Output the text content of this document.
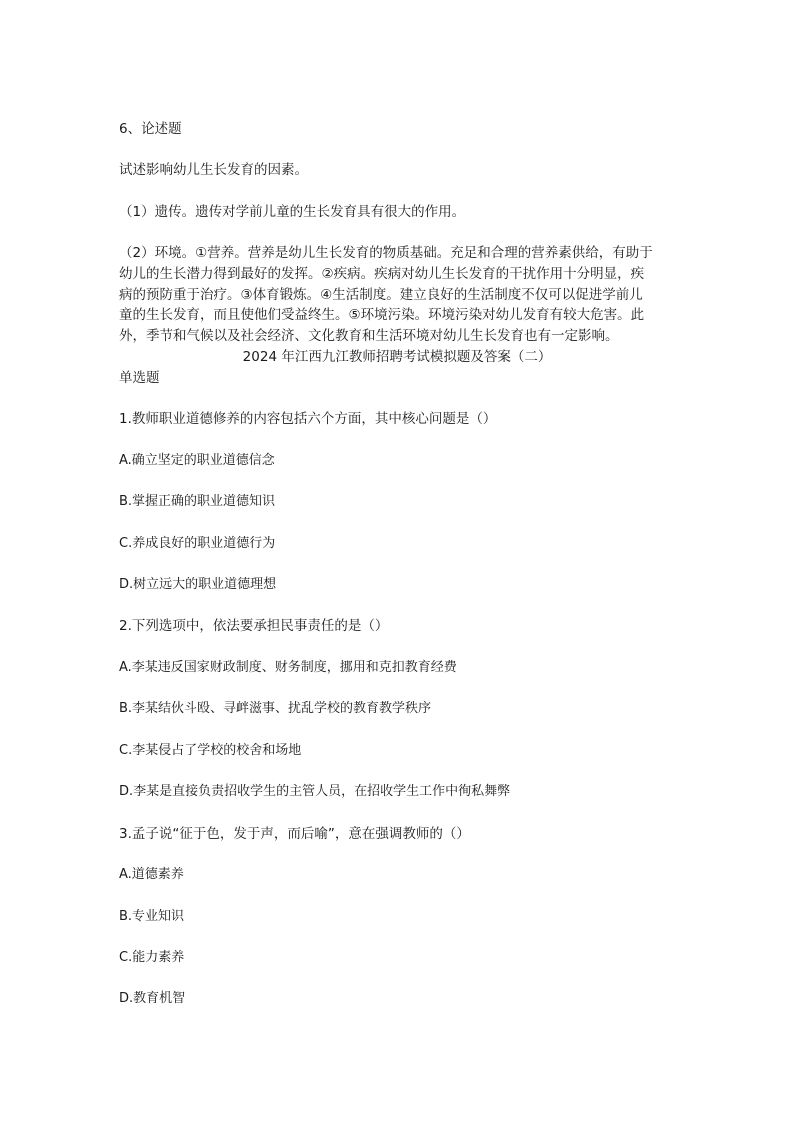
6、论述题
试述影响幼儿生长发育的因素。
（1）遗传。遗传对学前儿童的生长发育具有很大的作用。
（2）环境。①营养。营养是幼儿生长发育的物质基础。充足和合理的营养素供给，有助于
幼儿的生长潜力得到最好的发挥。②疾病。疾病对幼儿生长发育的干扰作用十分明显，疾
病的预防重于治疗。③体育锻炼。④生活制度。建立良好的生活制度不仅可以促进学前儿
童的生长发育，而且使他们受益终生。⑤环境污染。环境污染对幼儿发育有较大危害。此
外，季节和气候以及社会经济、文化教育和生活环境对幼儿生长发育也有一定影响。
2024 年江西九江教师招聘考试模拟题及答案（二）
单选题
1.教师职业道德修养的内容包括六个方面，其中核心问题是（）
A.确立坚定的职业道德信念
B.掌握正确的职业道德知识
C.养成良好的职业道德行为
D.树立远大的职业道德理想
2.下列选项中，依法要承担民事责任的是（）
A.李某违反国家财政制度、财务制度，挪用和克扣教育经费
B.李某结伙斗殴、寻衅滋事、扰乱学校的教育教学秩序
C.李某侵占了学校的校舍和场地
D.李某是直接负责招收学生的主管人员，在招收学生工作中徇私舞弊
3.孟子说“征于色，发于声，而后喻”，意在强调教师的（）
A.道德素养
B.专业知识
C.能力素养
D.教育机智
